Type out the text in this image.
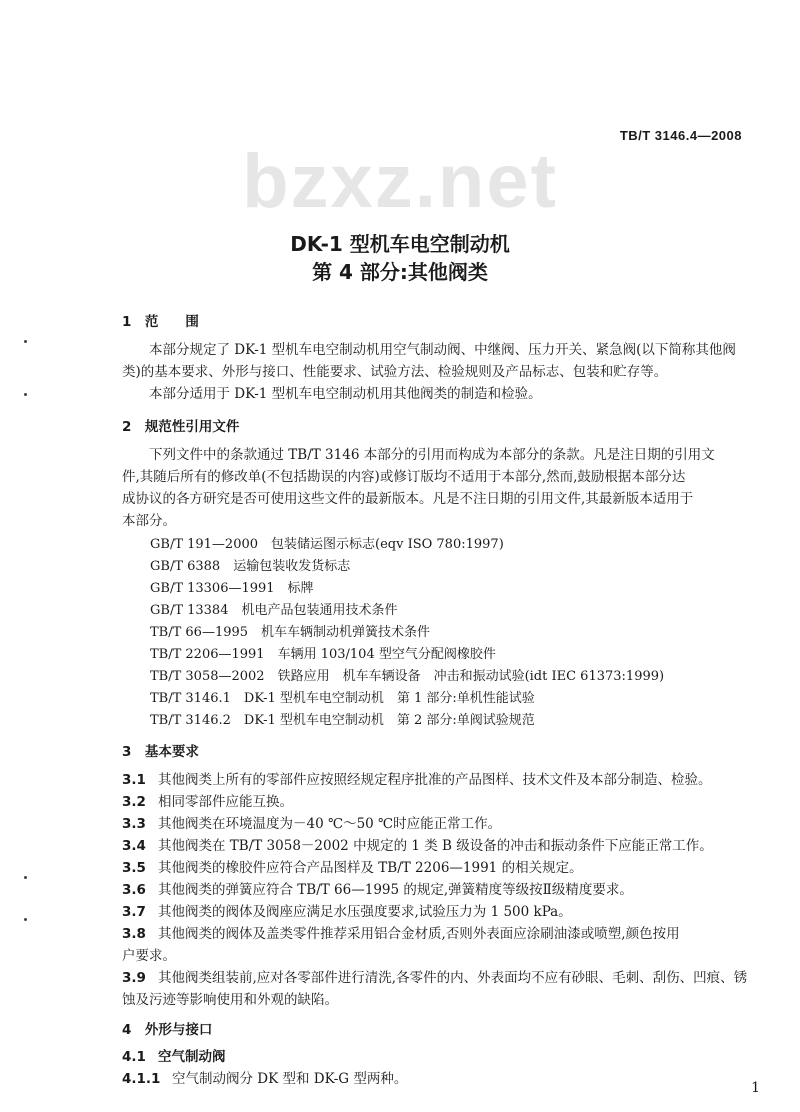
TB/T 3146.4—2008
bzxz.net
DK-1 型机车电空制动机
第 4 部分:其他阀类
1　范　　围
　　本部分规定了 DK-1 型机车电空制动机用空气制动阀、中继阀、压力开关、紧急阀(以下简称其他阀
类)的基本要求、外形与接口、性能要求、试验方法、检验规则及产品标志、包装和贮存等。
　　本部分适用于 DK-1 型机车电空制动机用其他阀类的制造和检验。
2　规范性引用文件
　　下列文件中的条款通过 TB/T 3146 本部分的引用而构成为本部分的条款。凡是注日期的引用文
件,其随后所有的修改单(不包括勘误的内容)或修订版均不适用于本部分,然而,鼓励根据本部分达
成协议的各方研究是否可使用这些文件的最新版本。凡是不注日期的引用文件,其最新版本适用于
本部分。
GB/T 191—2000　包装储运图示标志(eqv ISO 780:1997)
GB/T 6388　运输包装收发货标志
GB/T 13306—1991　标牌
GB/T 13384　机电产品包装通用技术条件
TB/T 66—1995　机车车辆制动机弹簧技术条件
TB/T 2206—1991　车辆用 103/104 型空气分配阀橡胶件
TB/T 3058—2002　铁路应用　机车车辆设备　冲击和振动试验(idt IEC 61373:1999)
TB/T 3146.1　DK-1 型机车电空制动机　第 1 部分:单机性能试验
TB/T 3146.2　DK-1 型机车电空制动机　第 2 部分:单阀试验规范
3　基本要求
3.1 其他阀类上所有的零部件应按照经规定程序批准的产品图样、技术文件及本部分制造、检验。
3.2 相同零部件应能互换。
3.3 其他阀类在环境温度为－40 ℃～50 ℃时应能正常工作。
3.4 其他阀类在 TB/T 3058－2002 中规定的 1 类 B 级设备的冲击和振动条件下应能正常工作。
3.5 其他阀类的橡胶件应符合产品图样及 TB/T 2206—1991 的相关规定。
3.6 其他阀类的弹簧应符合 TB/T 66—1995 的规定,弹簧精度等级按Ⅱ级精度要求。
3.7 其他阀类的阀体及阀座应满足水压强度要求,试验压力为 1 500 kPa。
3.8 其他阀类的阀体及盖类零件推荐采用铝合金材质,否则外表面应涂刷油漆或喷塑,颜色按用
户要求。
3.9 其他阀类组装前,应对各零部件进行清洗,各零件的内、外表面均不应有砂眼、毛刺、刮伤、凹痕、锈
蚀及污迹等影响使用和外观的缺陷。
4　外形与接口
4.1 空气制动阀
4.1.1 空气制动阀分 DK 型和 DK-G 型两种。
1
